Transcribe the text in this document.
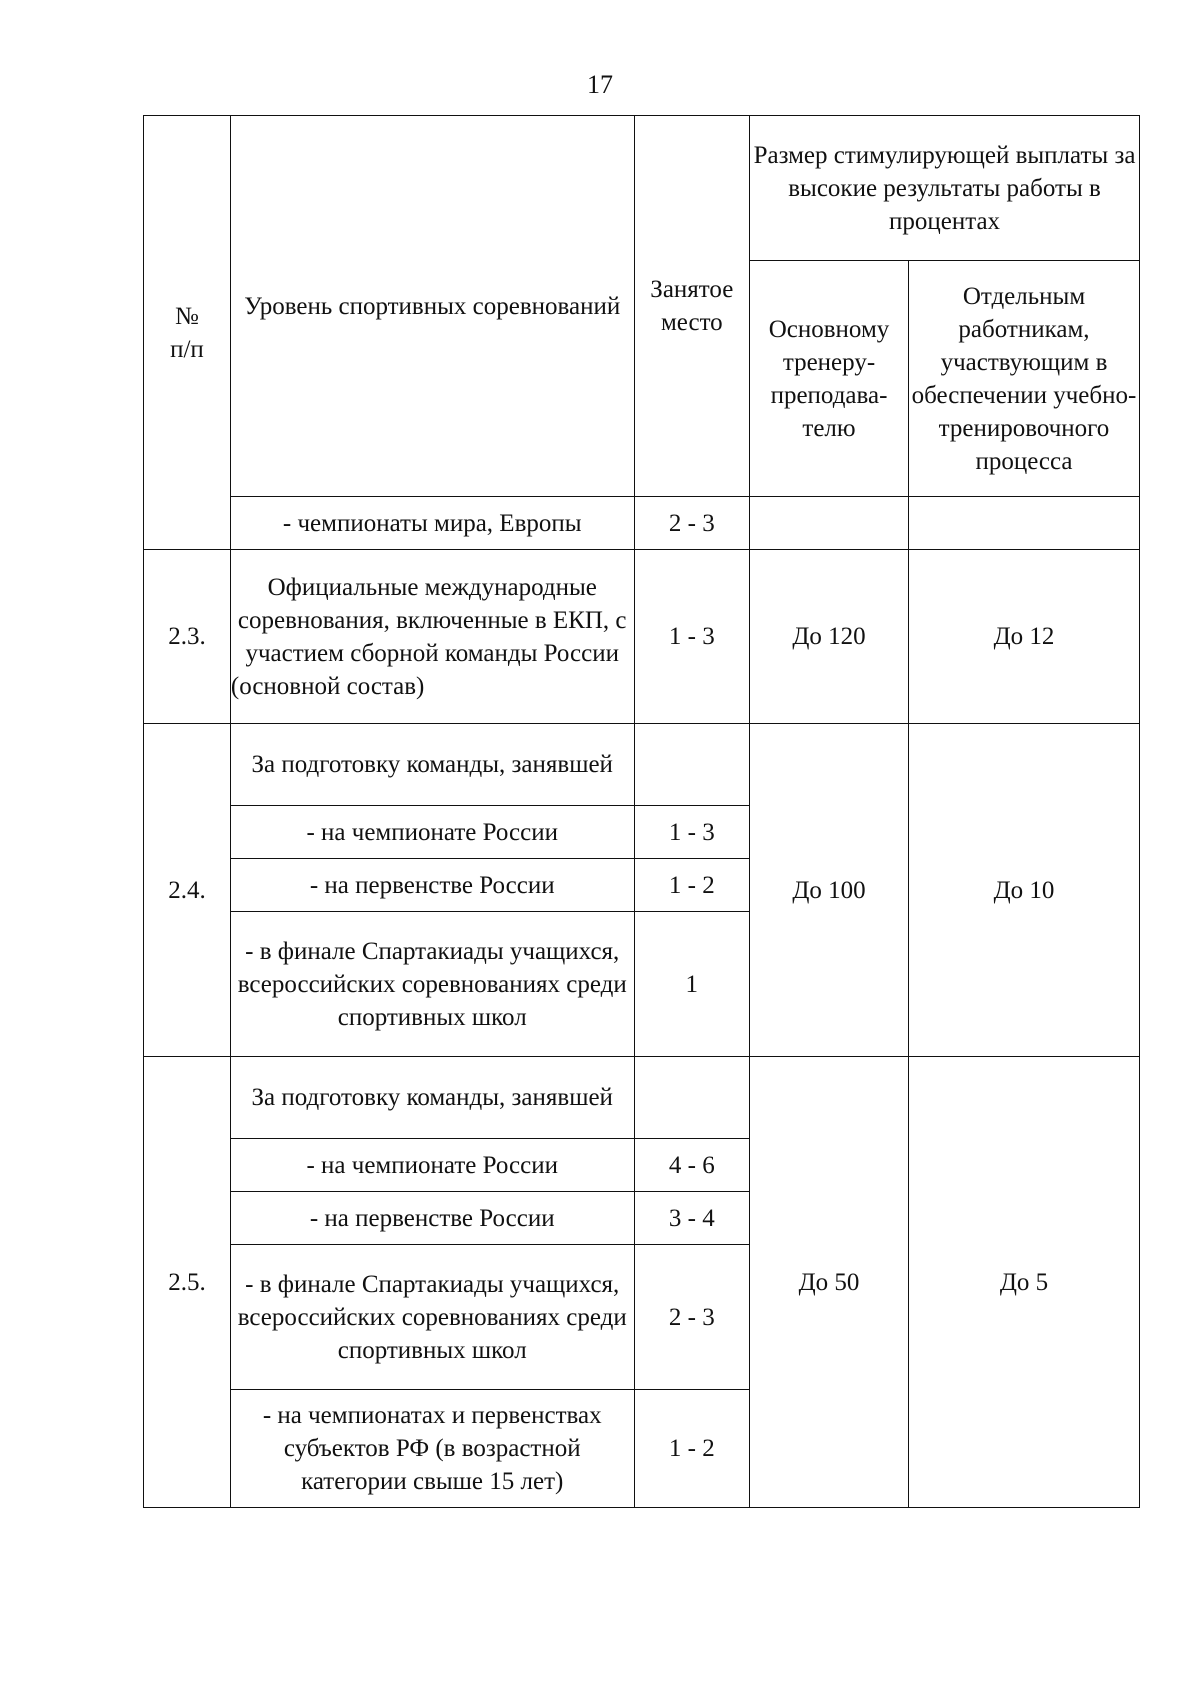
17
№
п/п	Уровень спортивных соревнований	Занятое место	Размер стимулирующей выплаты за высокие результаты работы в процентах	
			Основному тренеру-преподава-телю	Отдельным работникам, участвующим в обеспечении учебно-тренировочного процесса
	- чемпионаты мира, Европы	2 - 3		
2.3.	Официальные международные соревнования, включенные в ЕКП, с участием сборной команды России (основной состав)	1 - 3	До 120	До 12
2.4.	За подготовку команды, занявшей		До 100	До 10
	- на чемпионате России	1 - 3		
	- на первенстве России	1 - 2		
	- в финале Спартакиады учащихся, всероссийских соревнованиях среди спортивных школ	1		
2.5.	За подготовку команды, занявшей		До 50	До 5
	- на чемпионате России	4 - 6		
	- на первенстве России	3 - 4		
	- в финале Спартакиады учащихся, всероссийских соревнованиях среди спортивных школ	2 - 3		
	- на чемпионатах и первенствах субъектов РФ (в возрастной категории свыше 15 лет)	1 - 2		
